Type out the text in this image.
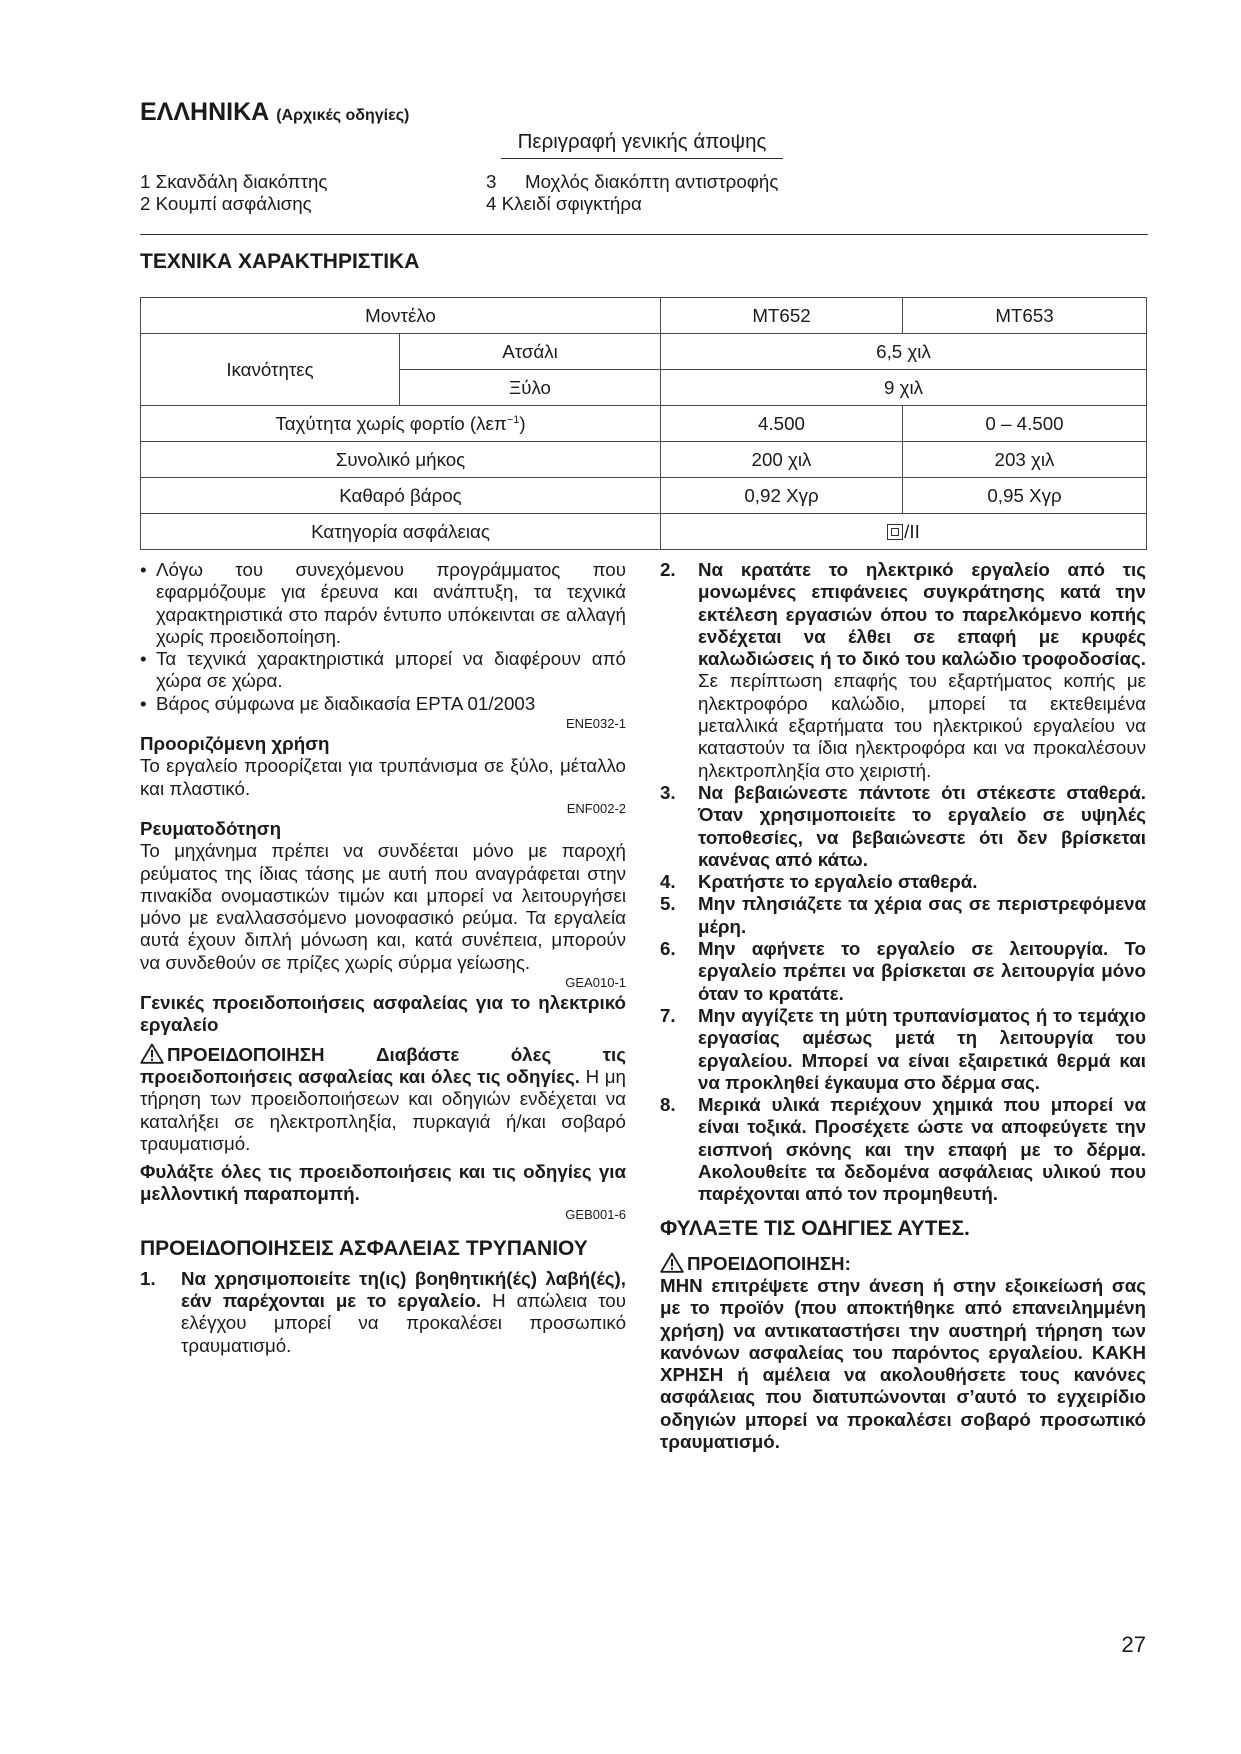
ΕΛΛΗΝΙΚΑ (Αρχικές οδηγίες)
Περιγραφή γενικής άποψης
1 Σκανδάλη διακόπτης
2 Κουμπί ασφάλισης
3 Μοχλός διακόπτη αντιστροφής
4 Κλειδί σφιγκτήρα
ΤΕΧΝΙΚΑ ΧΑΡΑΚΤΗΡΙΣΤΙΚΑ
Μοντέλο		MT652	MT653
Ικανότητες	Ατσάλι	6,5 χιλ	
	Ξύλο	9 χιλ	
Ταχύτητα χωρίς φορτίο (λεπ$^{-1}$)		4.500	0 – 4.500
Συνολικό μήκος		200 χιλ	203 χιλ
Καθαρό βάρος		0,92 Χγρ	0,95 Χγρ
Κατηγορία ασφάλειας		/II	

• Λόγω του συνεχόμενου προγράμματος που εφαρμόζουμε για έρευνα και ανάπτυξη, τα τεχνικά χαρακτηριστικά στο παρόν έντυπο υπόκεινται σε αλλαγή χωρίς προειδοποίηση.

• Τα τεχνικά χαρακτηριστικά μπορεί να διαφέρουν από χώρα σε χώρα.

• Βάρος σύμφωνα με διαδικασία EPTA 01/2003

ENE032-1

Προοριζόμενη χρήση

Το εργαλείο προορίζεται για τρυπάνισμα σε ξύλο, μέταλλο και πλαστικό.

ENF002-2

Ρευματοδότηση

Το μηχάνημα πρέπει να συνδέεται μόνο με παροχή ρεύματος της ίδιας τάσης με αυτή που αναγράφεται στην πινακίδα ονομαστικών τιμών και μπορεί να λειτουργήσει μόνο με εναλλασσόμενο μονοφασικό ρεύμα. Τα εργαλεία αυτά έχουν διπλή μόνωση και, κατά συνέπεια, μπορούν να συνδεθούν σε πρίζες χωρίς σύρμα γείωσης.

GEA010-1

Γενικές προειδοποιήσεις ασφαλείας για το ηλεκτρικό εργαλείο

ΠΡΟΕΙΔΟΠΟΙΗΣΗ	Διαβάστε όλες τις προειδοποιήσεις ασφαλείας και όλες τις οδηγίες. Η μη τήρηση των προειδοποιήσεων και οδηγιών ενδέχεται να καταλήξει σε ηλεκτροπληξία, πυρκαγιά ή/και σοβαρό τραυματισμό.

Φυλάξτε όλες τις προειδοποιήσεις και τις οδηγίες για μελλοντική παραπομπή.

GEB001-6

ΠΡΟΕΙΔΟΠΟΙΗΣΕΙΣ ΑΣΦΑΛΕΙΑΣ ΤΡΥΠΑΝΙΟΥ

1. Να χρησιμοποιείτε τη(ις) βοηθητική(ές) λαβή(ές), εάν παρέχονται με το εργαλείο. Η απώλεια του ελέγχου μπορεί να προκαλέσει προσωπικό τραυματισμό.

2. Να κρατάτε το ηλεκτρικό εργαλείο από τις μονωμένες επιφάνειες συγκράτησης κατά την εκτέλεση εργασιών όπου το παρελκόμενο κοπής ενδέχεται να έλθει σε επαφή με κρυφές καλωδιώσεις ή το δικό του καλώδιο τροφοδοσίας. Σε περίπτωση επαφής του εξαρτήματος κοπής με ηλεκτροφόρο καλώδιο, μπορεί τα εκτεθειμένα μεταλλικά εξαρτήματα του ηλεκτρικού εργαλείου να καταστούν τα ίδια ηλεκτροφόρα και να προκαλέσουν ηλεκτροπληξία στο χειριστή.

3. Να βεβαιώνεστε πάντοτε ότι στέκεστε σταθερά. Όταν χρησιμοποιείτε το εργαλείο σε υψηλές τοποθεσίες, να βεβαιώνεστε ότι δεν βρίσκεται κανένας από κάτω.

4. Κρατήστε το εργαλείο σταθερά.

5. Μην πλησιάζετε τα χέρια σας σε περιστρεφόμενα μέρη.

6. Μην αφήνετε το εργαλείο σε λειτουργία. Το εργαλείο πρέπει να βρίσκεται σε λειτουργία μόνο όταν το κρατάτε.

7. Μην αγγίζετε τη μύτη τρυπανίσματος ή το τεμάχιο εργασίας αμέσως μετά τη λειτουργία του εργαλείου. Μπορεί να είναι εξαιρετικά θερμά και να προκληθεί έγκαυμα στο δέρμα σας.

8. Μερικά υλικά περιέχουν χημικά που μπορεί να είναι τοξικά. Προσέχετε ώστε να αποφεύγετε την εισπνοή σκόνης και την επαφή με το δέρμα. Ακολουθείτε τα δεδομένα ασφάλειας υλικού που παρέχονται από τον προμηθευτή.

ΦΥΛΑΞΤΕ ΤΙΣ ΟΔΗΓΙΕΣ ΑΥΤΕΣ.

ΠΡΟΕΙΔΟΠΟΙΗΣΗ:

ΜΗΝ επιτρέψετε στην άνεση ή στην εξοικείωσή σας με το προϊόν (που αποκτήθηκε από επανειλημμένη χρήση) να αντικαταστήσει την αυστηρή τήρηση των κανόνων ασφαλείας του παρόντος εργαλείου. ΚΑΚΗ ΧΡΗΣΗ ή αμέλεια να ακολουθήσετε τους κανόνες ασφάλειας που διατυπώνονται σ’αυτό το εγχειρίδιο οδηγιών μπορεί να προκαλέσει σοβαρό προσωπικό τραυματισμό.

27
